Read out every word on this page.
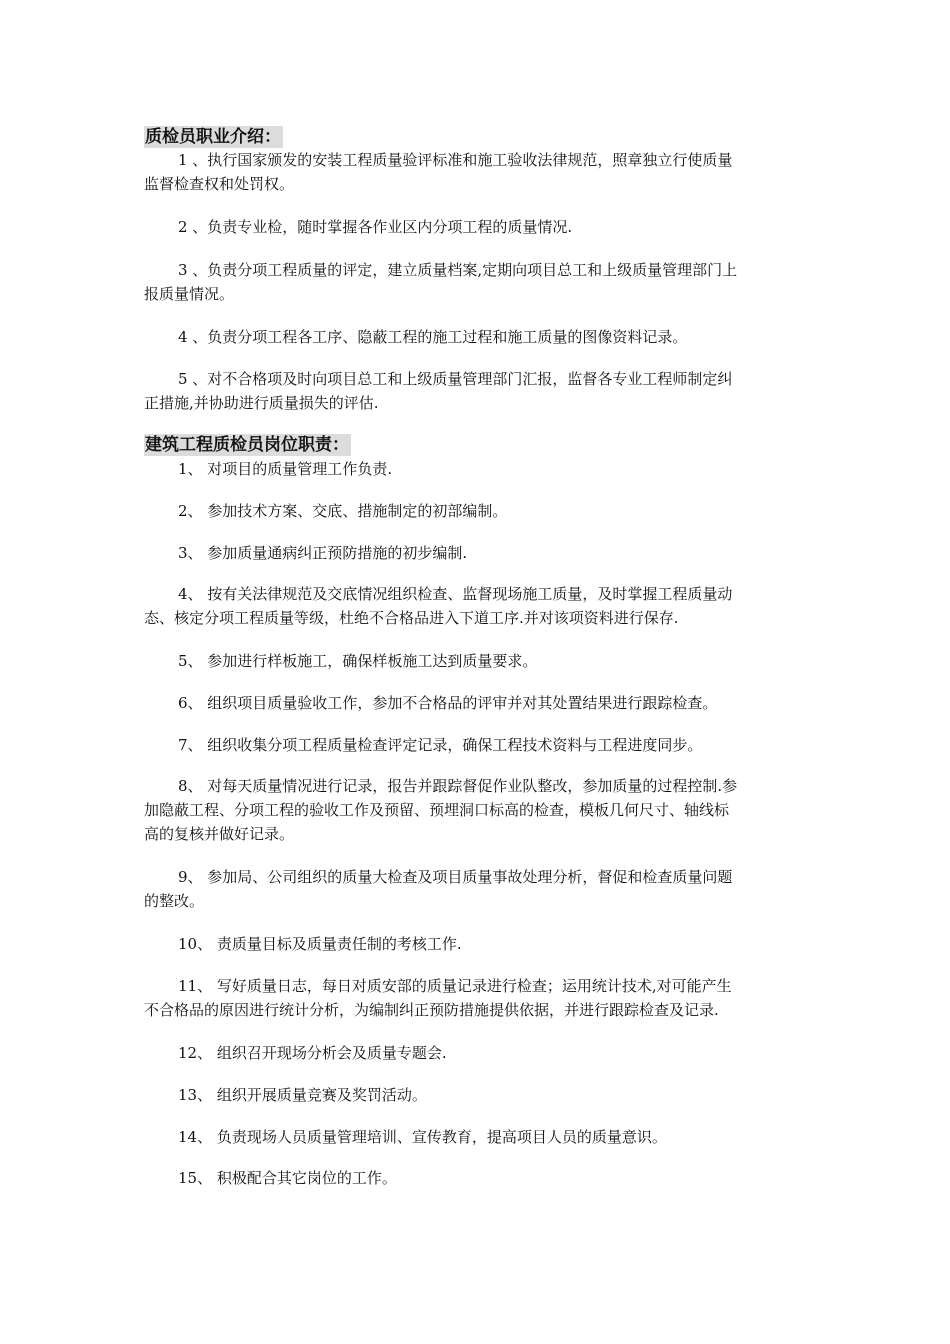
质检员职业介绍：
1 、执行国家颁发的安装工程质量验评标准和施工验收法律规范，照章独立行使质量
监督检查权和处罚权。
2 、负责专业检，随时掌握各作业区内分项工程的质量情况.
3 、负责分项工程质量的评定，建立质量档案,定期向项目总工和上级质量管理部门上
报质量情况。
4 、负责分项工程各工序、隐蔽工程的施工过程和施工质量的图像资料记录。
5 、对不合格项及时向项目总工和上级质量管理部门汇报，监督各专业工程师制定纠
正措施,并协助进行质量损失的评估.
建筑工程质检员岗位职责：
1、 对项目的质量管理工作负责.
2、 参加技术方案、交底、措施制定的初部编制。
3、 参加质量通病纠正预防措施的初步编制.
4、 按有关法律规范及交底情况组织检查、监督现场施工质量，及时掌握工程质量动
态、核定分项工程质量等级，杜绝不合格品进入下道工序.并对该项资料进行保存.
5、 参加进行样板施工，确保样板施工达到质量要求。
6、 组织项目质量验收工作，参加不合格品的评审并对其处置结果进行跟踪检查。
7、 组织收集分项工程质量检查评定记录，确保工程技术资料与工程进度同步。
8、 对每天质量情况进行记录，报告并跟踪督促作业队整改，参加质量的过程控制.参
加隐蔽工程、分项工程的验收工作及预留、预埋洞口标高的检查，模板几何尺寸、轴线标
高的复核并做好记录。
9、 参加局、公司组织的质量大检查及项目质量事故处理分析，督促和检查质量问题
的整改。
10、 责质量目标及质量责任制的考核工作.
11、 写好质量日志，每日对质安部的质量记录进行检查；运用统计技术,对可能产生
不合格品的原因进行统计分析，为编制纠正预防措施提供依据，并进行跟踪检查及记录.
12、 组织召开现场分析会及质量专题会.
13、 组织开展质量竞赛及奖罚活动。
14、 负责现场人员质量管理培训、宣传教育，提高项目人员的质量意识。
15、 积极配合其它岗位的工作。
